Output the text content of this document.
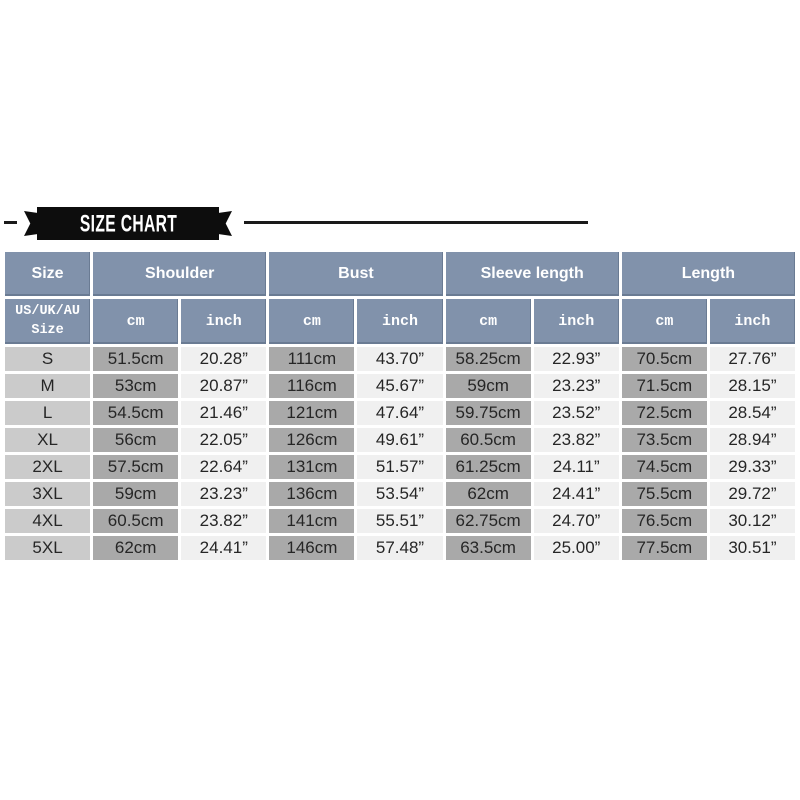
SIZE CHART
Size	Shoulder		Bust		Sleeve length		Length	
US/UK/AU Size	cm	inch	cm	inch	cm	inch	cm	inch
S	51.5cm	20.28”	111cm	43.70”	58.25cm	22.93”	70.5cm	27.76”
M	53cm	20.87”	116cm	45.67”	59cm	23.23”	71.5cm	28.15”
L	54.5cm	21.46”	121cm	47.64”	59.75cm	23.52”	72.5cm	28.54”
XL	56cm	22.05”	126cm	49.61”	60.5cm	23.82”	73.5cm	28.94”
2XL	57.5cm	22.64”	131cm	51.57”	61.25cm	24.11”	74.5cm	29.33”
3XL	59cm	23.23”	136cm	53.54”	62cm	24.41”	75.5cm	29.72”
4XL	60.5cm	23.82”	141cm	55.51”	62.75cm	24.70”	76.5cm	30.12”
5XL	62cm	24.41”	146cm	57.48”	63.5cm	25.00”	77.5cm	30.51”
